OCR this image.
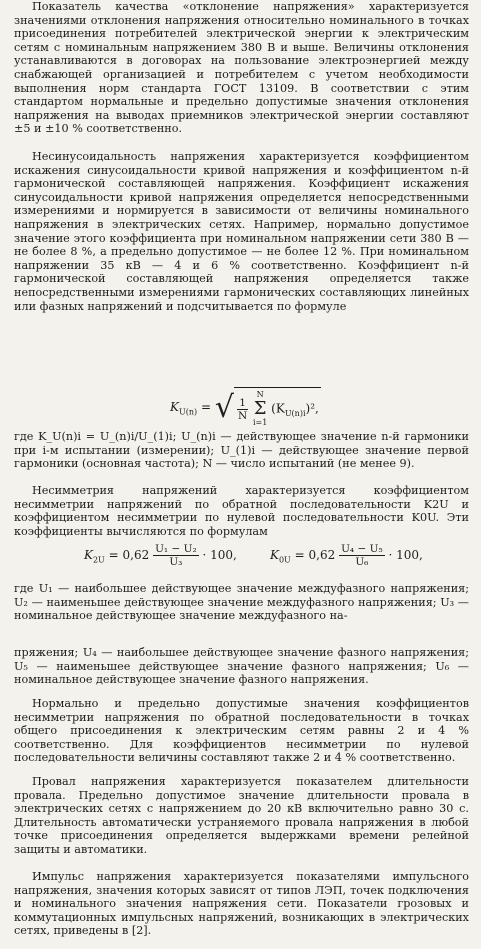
Показатель качества «отклонение напряжения» характеризуется значениями отклонения напряжения относительно номинального в точках присоединения потребителей электрической энергии к электрическим сетям с номинальным напряжением 380 В и выше. Величины отклонения устанавливаются в договорах на пользование электроэнергией между снабжающей организацией и потребителем с учетом необходимости выполнения норм стандарта ГОСТ 13109. В соответствии с этим стандартом нормальные и предельно допустимые значения отклонения напряжения на выводах приемников электрической энергии составляют ±5 и ±10 % соответственно.

Несинусоидальность напряжения характеризуется коэффициентом искажения синусоидальности кривой напряжения и коэффициентом n-й гармонической составляющей напряжения. Коэффициент искажения синусоидальности кривой напряжения определяется непосредственными измерениями и нормируется в зависимости от величины номинального напряжения в электрических сетях. Например, нормально допустимое значение этого коэффициента при номинальном напряжении сети 380 В — не более 8 %, а предельно допустимое — не более 12 %. При номинальном напряжении 35 кВ — 4 и 6 % соответственно. Коэффициент n-й гармонической составляющей напряжения определяется также непосредственными измерениями гармонических составляющих линейных или фазных напряжений и подсчитывается по формуле

$K_{U(n)}$ = √ $\frac{1}{N}$

N
Σ
i=1
$(K_{U(n)i})^2$,

где K_U(n)i = U_(n)i/U_(1)i; U_(n)i — действующее значение n-й гармоники при i-м испытании (измерении); U_(1)i — действующее значение первой гармоники (основная частота); N — число испытаний (не менее 9).

Несимметрия напряжений характеризуется коэффициентом несимметрии напряжений по обратной последовательности K2U и коэффициентом несимметрии по нулевой последовательности K0U. Эти коэффициенты вычисляются по формулам

$K_{2U} = 0,62 \frac{\text{U₁ − U₂}}{\text{U₃}} \cdot 100$,	$K_{0U} = 0,62 \frac{\text{U₄ − U₅}}{\text{U₆}} \cdot 100$,

где U₁ — наибольшее действующее значение междуфазного напряжения; U₂ — наименьшее действующее значение междуфазного напряжения; U₃ — номинальное действующее значение междуфазного на-

пряжения; U₄ — наибольшее действующее значение фазного напряжения; U₅ — наименьшее действующее значение фазного напряжения; U₆ — номинальное действующее значение фазного напряжения.

Нормально и предельно допустимые значения коэффициентов несимметрии напряжения по обратной последовательности в точках общего присоединения к электрическим сетям равны 2 и 4 % соответственно. Для коэффициентов несимметрии по нулевой последовательности величины составляют также 2 и 4 % соответственно.

Провал напряжения характеризуется показателем длительности провала. Предельно допустимое значение длительности провала в электрических сетях с напряжением до 20 кВ включительно равно 30 с. Длительность автоматически устраняемого провала напряжения в любой точке присоединения определяется выдержками времени релейной защиты и автоматики.

Импульс напряжения характеризуется показателями импульсного напряжения, значения которых зависят от типов ЛЭП, точек подключения и номинального значения напряжения сети. Показатели грозовых и коммутационных импульсных напряжений, возникающих в электрических сетях, приведены в [2].
